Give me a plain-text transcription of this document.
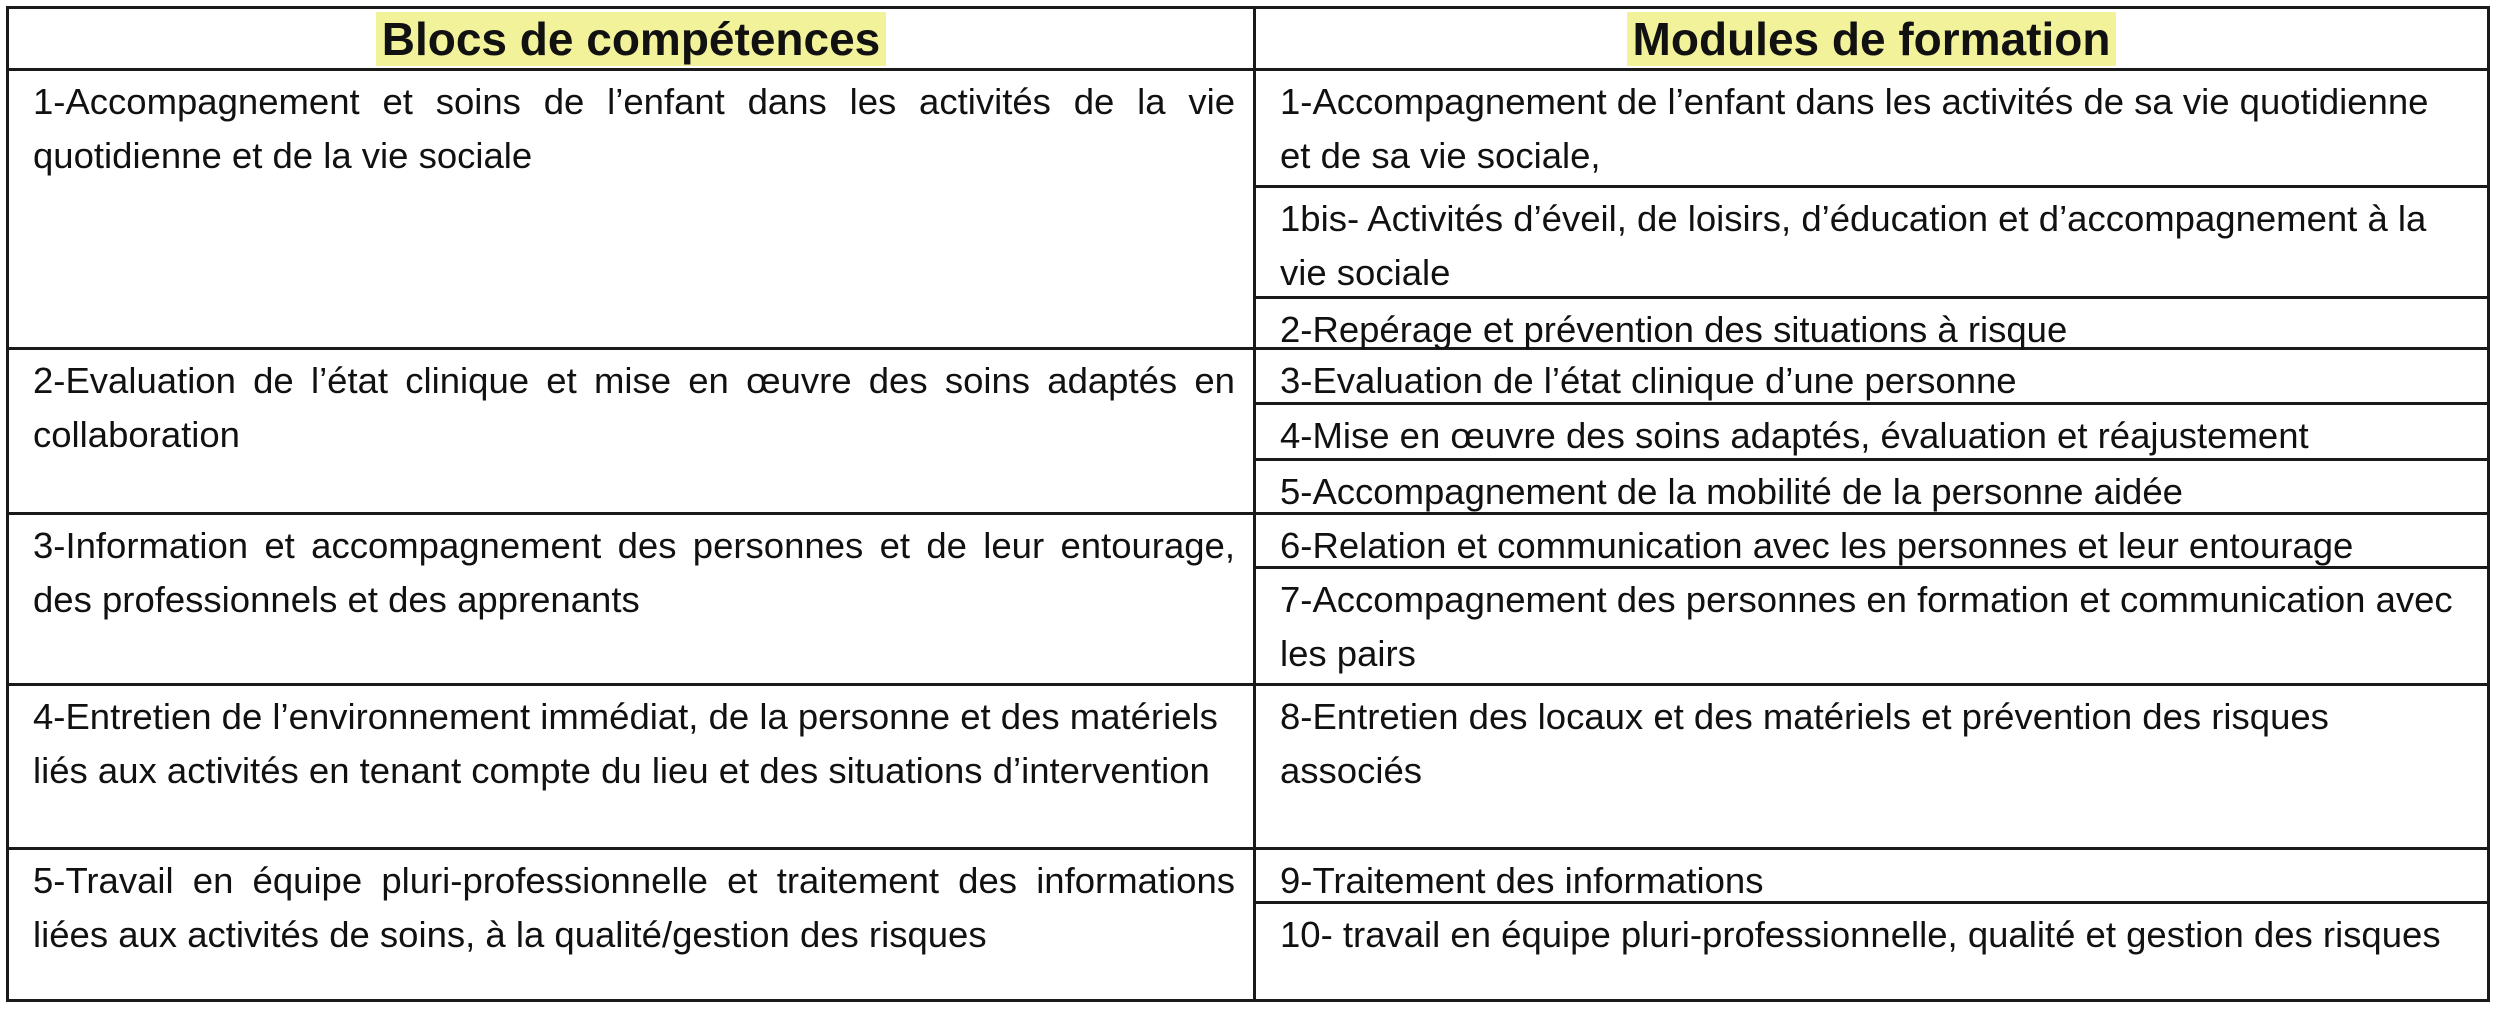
Blocs de compétences
1-Accompagnement et soins de l’enfant dans les activités de la vie quotidienne et de la vie sociale
2-Evaluation de l’état clinique et mise en œuvre des soins adaptés en collaboration
3-Information et accompagnement des personnes et de leur entourage, des professionnels et des apprenants
4-Entretien de l’environnement immédiat, de la personne et des matériels liés aux activités en tenant compte du lieu et des situations d’intervention
5-Travail en équipe pluri-professionnelle et traitement des informations liées aux activités de soins, à la qualité/gestion des risques
Modules de formation
1-Accompagnement de l’enfant dans les activités de sa vie quotidienne et de sa vie sociale,
1bis- Activités d’éveil, de loisirs, d’éducation et d’accompagnement à la vie sociale
2-Repérage et prévention des situations à risque
3-Evaluation de l’état clinique d’une personne
4-Mise en œuvre des soins adaptés, évaluation et réajustement
5-Accompagnement de la mobilité de la personne aidée
6-Relation et communication avec les personnes et leur entourage
7-Accompagnement des personnes en formation et communication avec les pairs
8-Entretien des locaux et des matériels et prévention des risques associés
9-Traitement des informations
10- travail en équipe pluri-professionnelle, qualité et gestion des risques
